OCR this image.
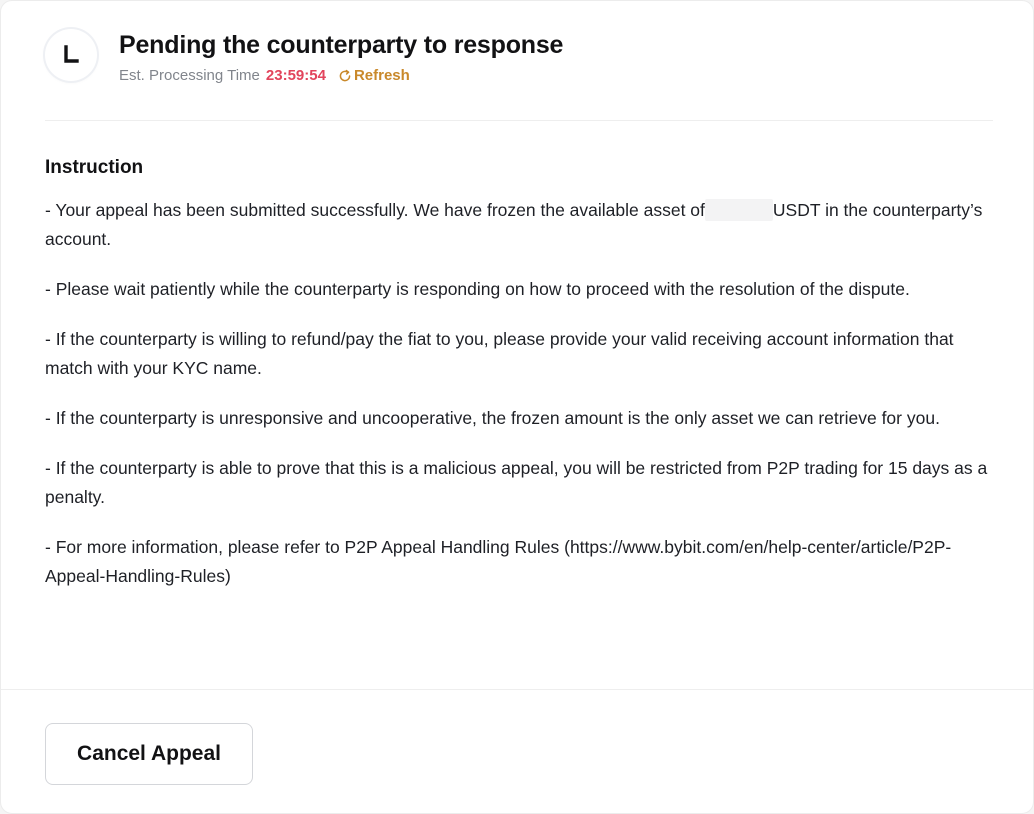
Pending the counterparty to response
Est. Processing Time 23:59:54 Refresh
Instruction

- Your appeal has been submitted successfully. We have frozen the available asset of	USDT in the counterparty’s account.

- Please wait patiently while the counterparty is responding on how to proceed with the resolution of the dispute.

- If the counterparty is willing to refund/pay the fiat to you, please provide your valid receiving account information that match with your KYC name.

- If the counterparty is unresponsive and uncooperative, the frozen amount is the only asset we can retrieve for you.

- If the counterparty is able to prove that this is a malicious appeal, you will be restricted from P2P trading for 15 days as a penalty.

- For more information, please refer to P2P Appeal Handling Rules (https://www.bybit.com/en/help-center/article/P2P-Appeal-Handling-Rules)

Cancel Appeal
